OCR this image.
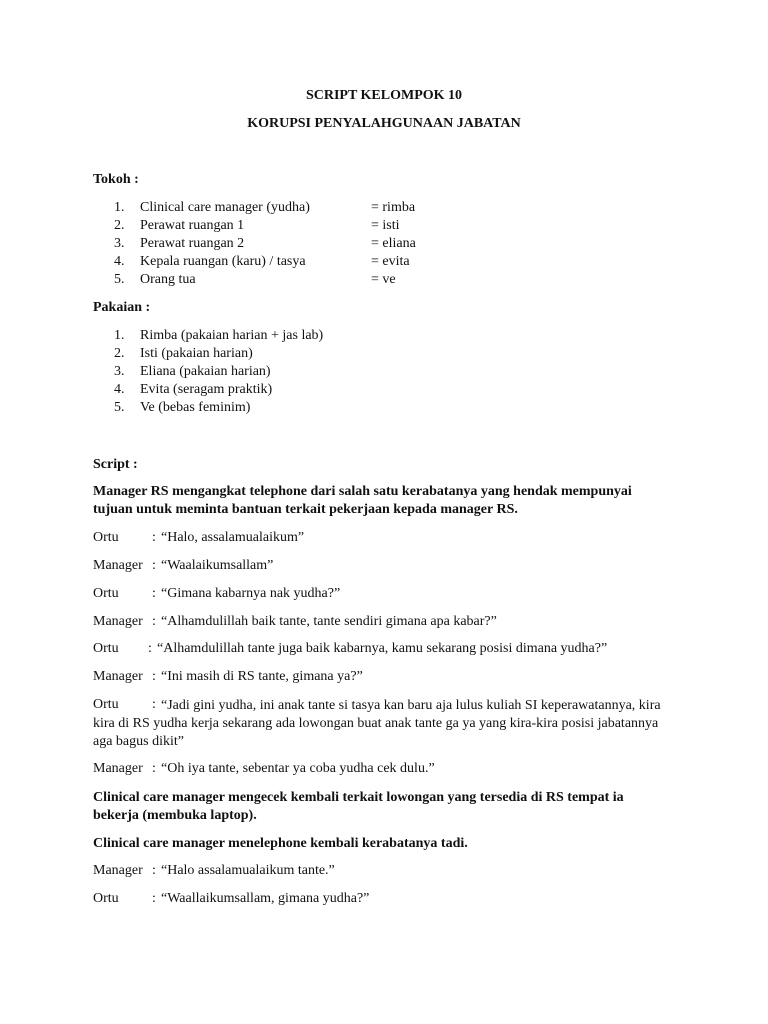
SCRIPT KELOMPOK 10
KORUPSI PENYALAHGUNAAN JABATAN
Tokoh :
1. Clinical care manager (yudha)	= rimba
2. Perawat ruangan 1	= isti
3. Perawat ruangan 2	= eliana
4. Kepala ruangan (karu) / tasya	= evita
5. Orang tua	= ve
Pakaian :
1. Rimba (pakaian harian + jas lab)
2. Isti (pakaian harian)
3. Eliana (pakaian harian)
4. Evita (seragam praktik)
5. Ve (bebas feminim)
Script :
Manager RS mengangkat telephone dari salah satu kerabatanya yang hendak mempunyai tujuan untuk meminta bantuan terkait pekerjaan kepada manager RS.
Ortu : “Halo, assalamualaikum”
Manager : “Waalaikumsallam”
Ortu : “Gimana kabarnya nak yudha?”
Manager : “Alhamdulillah baik tante, tante sendiri gimana apa kabar?”
Ortu : “Alhamdulillah tante juga baik kabarnya, kamu sekarang posisi dimana yudha?”
Manager : “Ini masih di RS tante, gimana ya?”
Ortu : “Jadi gini yudha, ini anak tante si tasya kan baru aja lulus kuliah SI keperawatannya, kira kira di RS yudha kerja sekarang ada lowongan buat anak tante ga ya yang kira-kira posisi jabatannya aga bagus dikit”
Manager : “Oh iya tante, sebentar ya coba yudha cek dulu.”
Clinical care manager mengecek kembali terkait lowongan yang tersedia di RS tempat ia bekerja (membuka laptop).
Clinical care manager menelephone kembali kerabatanya tadi.
Manager : “Halo assalamualaikum tante.”
Ortu : “Waallaikumsallam, gimana yudha?”
